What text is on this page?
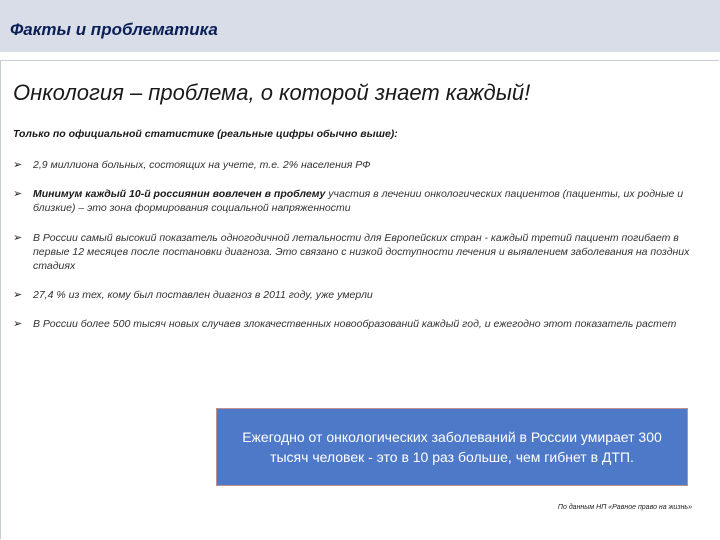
Факты и проблематика
Онкология – проблема, о которой знает каждый!
Только по официальной статистике (реальные цифры обычно выше):
➢ 2,9 миллиона больных, состоящих на учете, т.е. 2% населения РФ
➢ Минимум каждый 10-й россиянин вовлечен в проблему участия в лечении онкологических пациентов (пациенты, их родные и близкие) – это зона формирования социальной напряженности
➢ В России самый высокий показатель одногодичной летальности для Европейских стран - каждый третий пациент погибает в первые 12 месяцев после постановки диагноза. Это связано с низкой доступности лечения и выявлением заболевания на поздних стадиях
➢ 27,4 % из тех, кому был поставлен диагноз в 2011 году, уже умерли
➢ В России более 500 тысяч новых случаев злокачественных новообразований каждый год, и ежегодно этот показатель растет
Ежегодно от онкологических заболеваний в России умирает 300 тысяч человек - это в 10 раз больше, чем гибнет в ДТП.
По данным НП «Равное право на жизнь»
